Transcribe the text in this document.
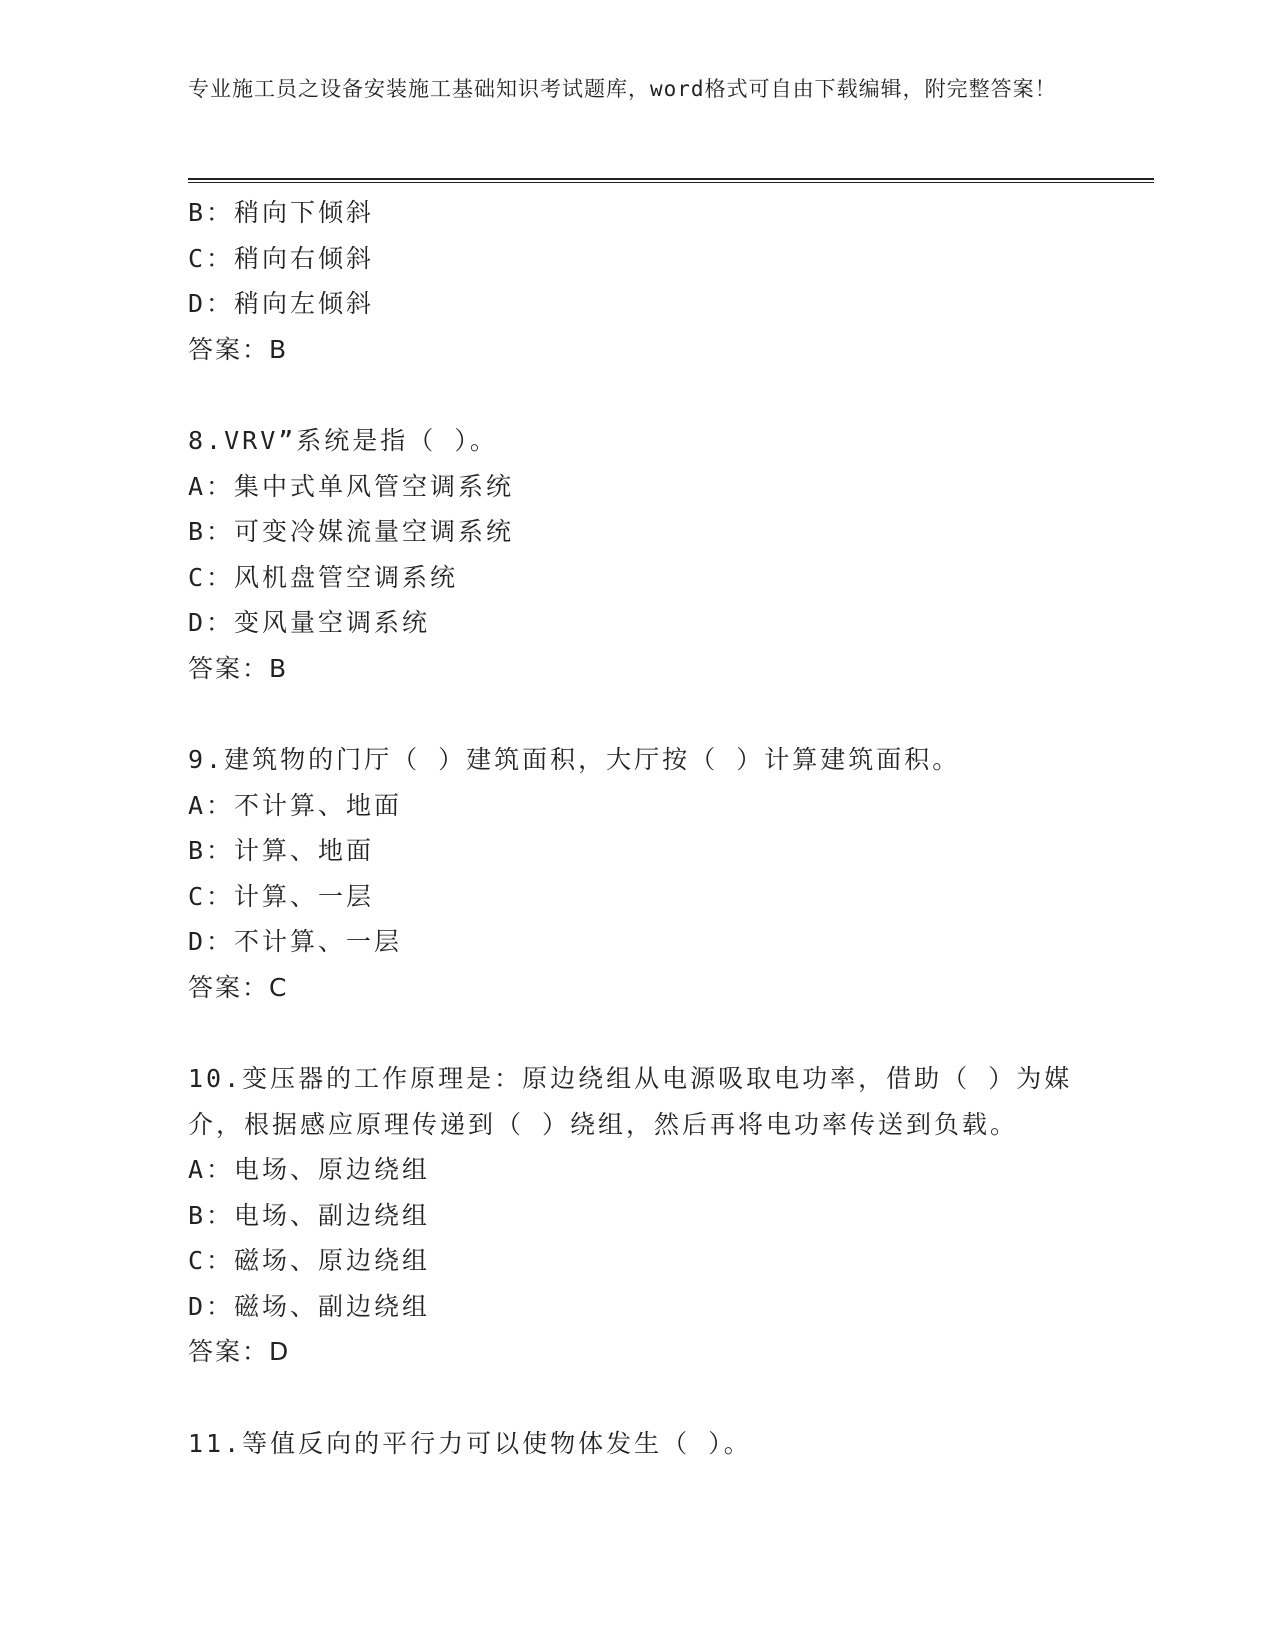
专业施工员之设备安装施工基础知识考试题库，word格式可自由下载编辑，附完整答案！

B：稍向下倾斜

C：稍向右倾斜

D：稍向左倾斜

答案：B

8.VRV”系统是指（ ）。

A：集中式单风管空调系统

B：可变冷媒流量空调系统

C：风机盘管空调系统

D：变风量空调系统

答案：B

9.建筑物的门厅（ ）建筑面积，大厅按（ ）计算建筑面积。

A：不计算、地面

B：计算、地面

C：计算、一层

D：不计算、一层

答案：C

10.变压器的工作原理是：原边绕组从电源吸取电功率，借助（ ）为媒介，根据感应原理传递到（ ）绕组，然后再将电功率传送到负载。

A：电场、原边绕组

B：电场、副边绕组

C：磁场、原边绕组

D：磁场、副边绕组

答案：D

11.等值反向的平行力可以使物体发生（ ）。
